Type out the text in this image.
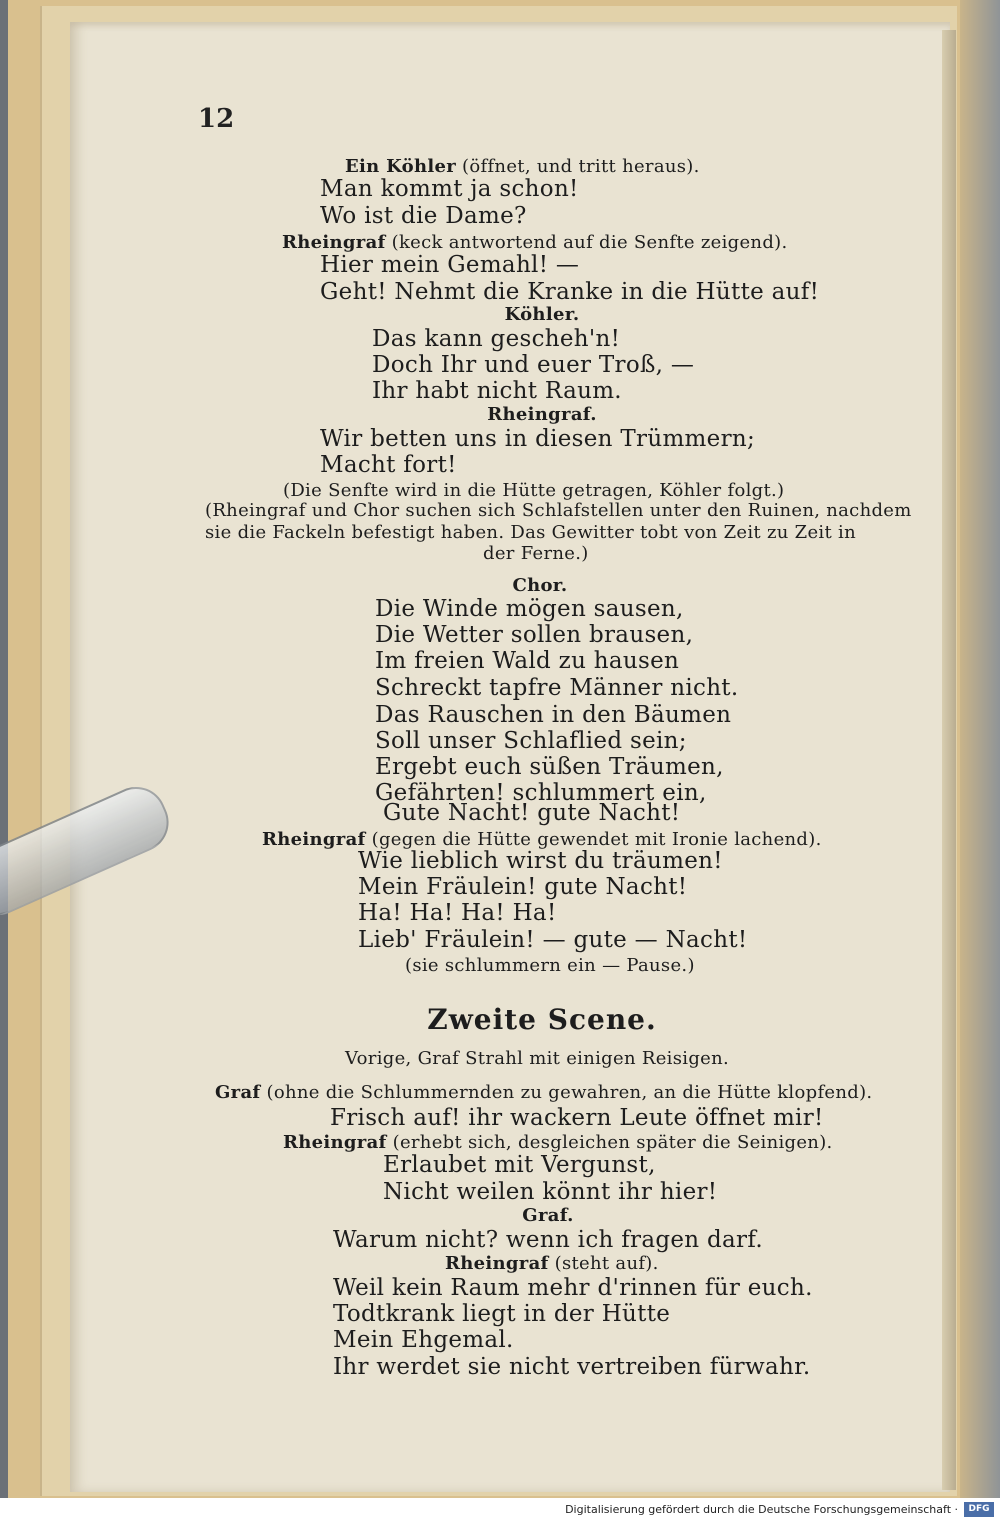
12
Ein Köhler (öffnet, und tritt heraus).
Man kommt ja schon!
Wo ist die Dame?
Rheingraf (keck antwortend auf die Senfte zeigend).
Hier mein Gemahl! —
Geht! Nehmt die Kranke in die Hütte auf!
Köhler.
Das kann gescheh'n!
Doch Ihr und euer Troß, —
Ihr habt nicht Raum.
Rheingraf.
Wir betten uns in diesen Trümmern;
Macht fort!
(Die Senfte wird in die Hütte getragen, Köhler folgt.)
(Rheingraf und Chor suchen sich Schlafstellen unter den Ruinen, nachdem
sie die Fackeln befestigt haben. Das Gewitter tobt von Zeit zu Zeit in
der Ferne.)
Chor.
Die Winde mögen sausen,
Die Wetter sollen brausen,
Im freien Wald zu hausen
Schreckt tapfre Männer nicht.
Das Rauschen in den Bäumen
Soll unser Schlaflied sein;
Ergebt euch süßen Träumen,
Gefährten! schlummert ein,
Gute Nacht! gute Nacht!
Rheingraf (gegen die Hütte gewendet mit Ironie lachend).
Wie lieblich wirst du träumen!
Mein Fräulein! gute Nacht!
Ha! Ha! Ha! Ha!
Lieb' Fräulein! — gute — Nacht!
(sie schlummern ein — Pause.)
Zweite Scene.
Vorige, Graf Strahl mit einigen Reisigen.
Graf (ohne die Schlummernden zu gewahren, an die Hütte klopfend).
Frisch auf! ihr wackern Leute öffnet mir!
Rheingraf (erhebt sich, desgleichen später die Seinigen).
Erlaubet mit Vergunst,
Nicht weilen könnt ihr hier!
Graf.
Warum nicht? wenn ich fragen darf.
Rheingraf (steht auf).
Weil kein Raum mehr d'rinnen für euch.
Todtkrank liegt in der Hütte
Mein Ehgemal.
Ihr werdet sie nicht vertreiben fürwahr.
Digitalisierung gefördert durch die Deutsche Forschungsgemeinschaft ·	DFG
